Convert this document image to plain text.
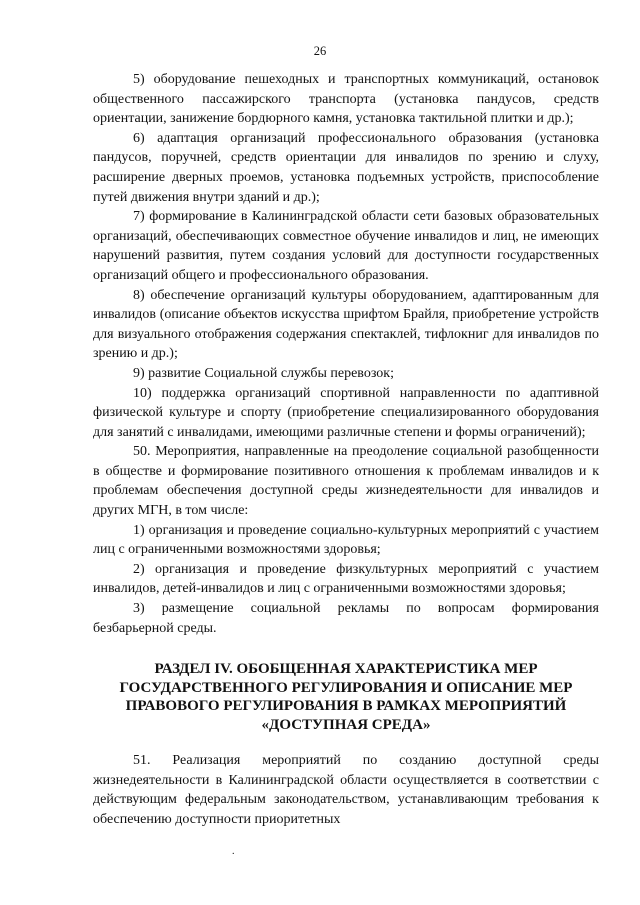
26

5) оборудование пешеходных и транспортных коммуникаций, остановок общественного пассажирского транспорта (установка пандусов, средств ориентации, занижение бордюрного камня, установка тактильной плитки и др.);

6) адаптация организаций профессионального образования (установка пандусов, поручней, средств ориентации для инвалидов по зрению и слуху, расширение дверных проемов, установка подъемных устройств, приспособление путей движения внутри зданий и др.);

7) формирование в Калининградской области сети базовых образовательных организаций, обеспечивающих совместное обучение инвалидов и лиц, не имеющих нарушений развития, путем создания условий для доступности государственных организаций общего и профессионального образования.

8) обеспечение организаций культуры оборудованием, адаптированным для инвалидов (описание объектов искусства шрифтом Брайля, приобретение устройств для визуального отображения содержания спектаклей, тифлокниг для инвалидов по зрению и др.);

9) развитие Социальной службы перевозок;

10) поддержка организаций спортивной направленности по адаптивной физической культуре и спорту (приобретение специализированного оборудования для занятий с инвалидами, имеющими различные степени и формы ограничений);

50. Мероприятия, направленные на преодоление социальной разобщенности в обществе и формирование позитивного отношения к проблемам инвалидов и к проблемам обеспечения доступной среды жизнедеятельности для инвалидов и других МГН, в том числе:

1) организация и проведение социально-культурных мероприятий с участием лиц с ограниченными возможностями здоровья;

2) организация и проведение физкультурных мероприятий с участием инвалидов, детей-инвалидов и лиц с ограниченными возможностями здоровья;

3) размещение социальной рекламы по вопросам формирования безбарьерной среды.

РАЗДЕЛ IV. ОБОБЩЕННАЯ ХАРАКТЕРИСТИКА МЕР ГОСУДАРСТВЕННОГО РЕГУЛИРОВАНИЯ И ОПИСАНИЕ МЕР ПРАВОВОГО РЕГУЛИРОВАНИЯ В РАМКАХ МЕРОПРИЯТИЙ «ДОСТУПНАЯ СРЕДА»

51. Реализация мероприятий по созданию доступной среды жизнедеятельности в Калининградской области осуществляется в соответствии с действующим федеральным законодательством, устанавливающим требования к обеспечению доступности приоритетных

.
